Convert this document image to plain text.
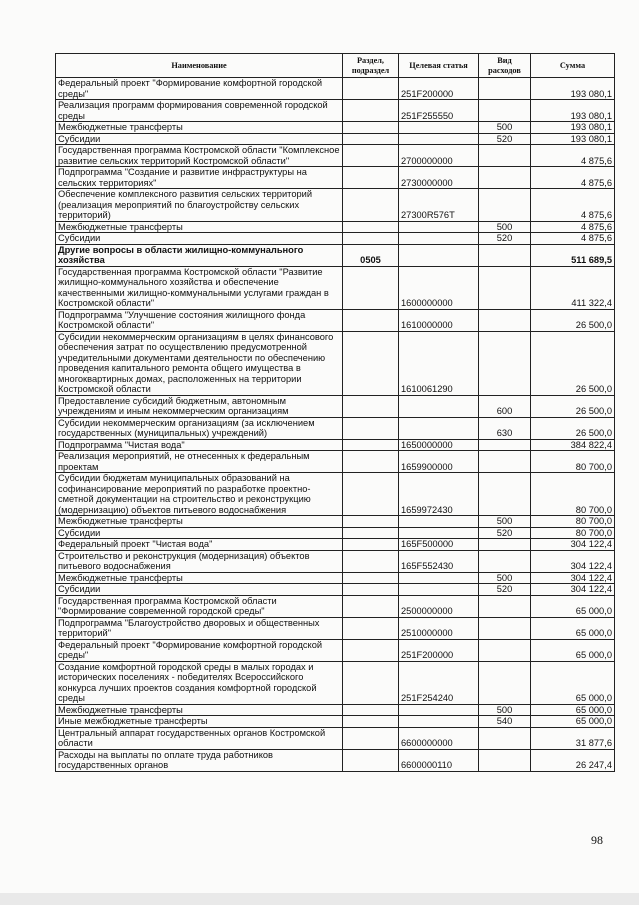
Наименование	Раздел, подраздел	Целевая статья	Вид расходов	Сумма
Федеральный проект "Формирование комфортной городской среды"		251F200000		193 080,1
Реализация программ формирования современной городской среды		251F255550		193 080,1
Межбюджетные трансферты			500	193 080,1
Субсидии			520	193 080,1
Государственная программа Костромской области "Комплексное развитие сельских территорий Костромской области"		2700000000		4 875,6
Подпрограмма "Создание и развитие инфраструктуры на сельских территориях"		2730000000		4 875,6
Обеспечение комплексного развития сельских территорий (реализация мероприятий по благоустройству сельских территорий)		27300R576T		4 875,6
Межбюджетные трансферты			500	4 875,6
Субсидии			520	4 875,6
Другие вопросы в области жилищно-коммунального хозяйства	0505			511 689,5
Государственная программа Костромской области "Развитие жилищно-коммунального хозяйства и обеспечение качественными жилищно-коммунальными услугами граждан в Костромской области"		1600000000		411 322,4
Подпрограмма "Улучшение состояния жилищного фонда Костромской области"		1610000000		26 500,0
Субсидии некоммерческим организациям в целях финансового обеспечения затрат по осуществлению предусмотренной учредительными документами деятельности по обеспечению проведения капитального ремонта общего имущества в многоквартирных домах, расположенных на территории Костромской области		1610061290		26 500,0
Предоставление субсидий бюджетным, автономным учреждениям и иным некоммерческим организациям			600	26 500,0
Субсидии некоммерческим организациям (за исключением государственных (муниципальных) учреждений)			630	26 500,0
Подпрограмма "Чистая вода"		1650000000		384 822,4
Реализация мероприятий, не отнесенных к федеральным проектам		1659900000		80 700,0
Субсидии бюджетам муниципальных образований на софинансирование мероприятий по разработке проектно-сметной документации на строительство и реконструкцию (модернизацию) объектов питьевого водоснабжения		1659972430		80 700,0
Межбюджетные трансферты			500	80 700,0
Субсидии			520	80 700,0
Федеральный проект "Чистая вода"		165F500000		304 122,4
Строительство и реконструкция (модернизация) объектов питьевого водоснабжения		165F552430		304 122,4
Межбюджетные трансферты			500	304 122,4
Субсидии			520	304 122,4
Государственная программа Костромской области "Формирование современной городской среды"		2500000000		65 000,0
Подпрограмма "Благоустройство дворовых и общественных территорий"		2510000000		65 000,0
Федеральный проект "Формирование комфортной городской среды"		251F200000		65 000,0
Создание комфортной городской среды в малых городах и исторических поселениях - победителях Всероссийского конкурса лучших проектов создания комфортной городской среды		251F254240		65 000,0
Межбюджетные трансферты			500	65 000,0
Иные межбюджетные трансферты			540	65 000,0
Центральный аппарат государственных органов Костромской области		6600000000		31 877,6
Расходы на выплаты по оплате труда работников государственных органов		6600000110		26 247,4
98
